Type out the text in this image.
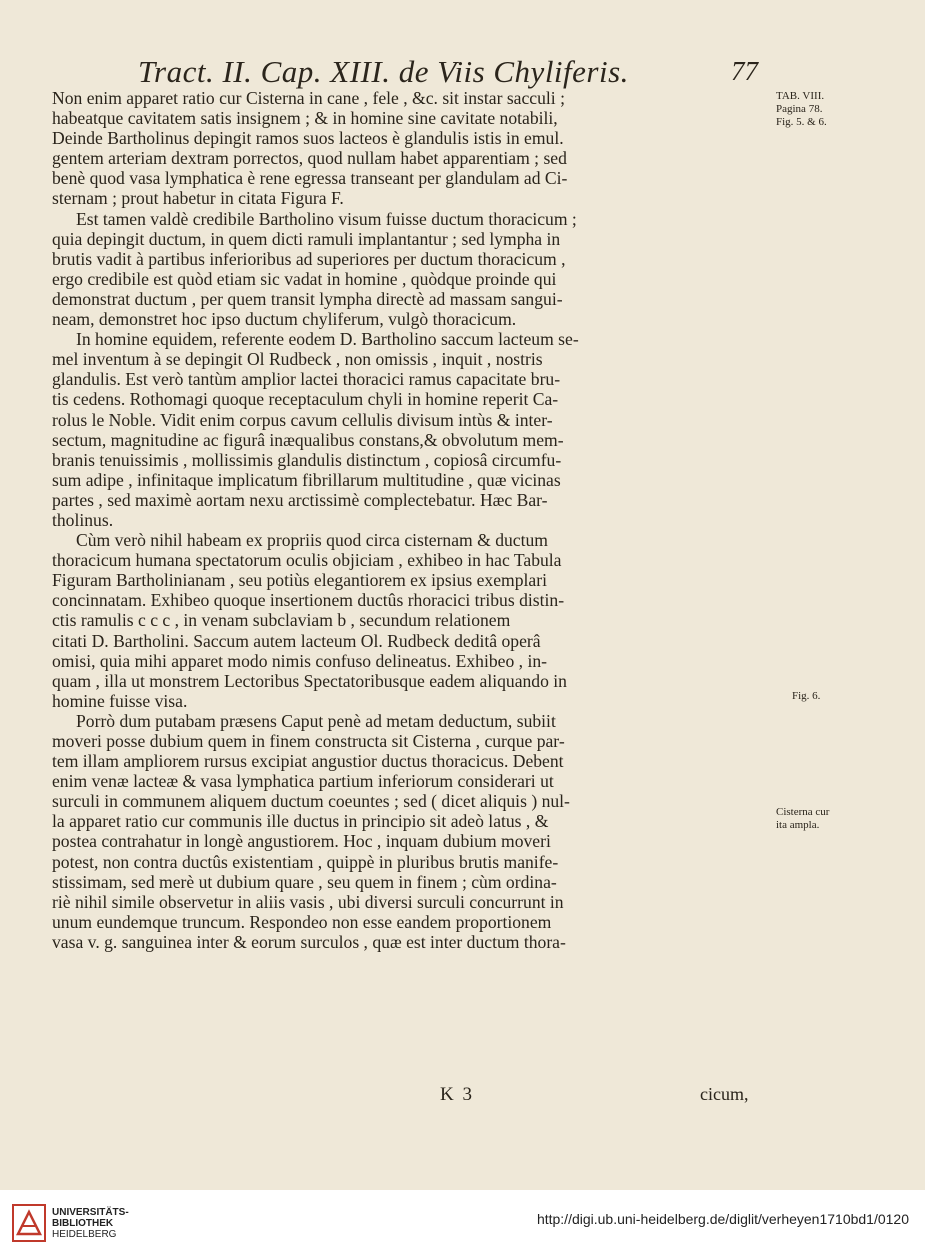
Tract. II. Cap. XIII. de Viis Chyliferis.	77
Non enim apparet ratio cur Cisterna in cane , fele , &c. sit instar sacculi ;
habeatque cavitatem satis insignem ; & in homine sine cavitate notabili,
Deinde Bartholinus depingit ramos suos lacteos è glandulis istis in emul.
gentem arteriam dextram porrectos, quod nullam habet apparentiam ; sed
benè quod vasa lymphatica è rene egressa transeant per glandulam ad Ci-
sternam ; prout habetur in citata Figura F.
Est tamen valdè credibile Bartholino visum fuisse ductum thoracicum ;
quia depingit ductum, in quem dicti ramuli implantantur ; sed lympha in
brutis vadit à partibus inferioribus ad superiores per ductum thoracicum ,
ergo credibile est quòd etiam sic vadat in homine , quòdque proinde qui
demonstrat ductum , per quem transit lympha directè ad massam sangui-
neam, demonstret hoc ipso ductum chyliferum, vulgò thoracicum.
In homine equidem, referente eodem D. Bartholino saccum lacteum se-
mel inventum à se depingit Ol Rudbeck , non omissis , inquit , nostris
glandulis. Est verò tantùm amplior lactei thoracici ramus capacitate bru-
tis cedens. Rothomagi quoque receptaculum chyli in homine reperit Ca-
rolus le Noble. Vidit enim corpus cavum cellulis divisum intùs & inter-
sectum, magnitudine ac figurâ inæqualibus constans,& obvolutum mem-
branis tenuissimis , mollissimis glandulis distinctum , copiosâ circumfu-
sum adipe , infinitaque implicatum fibrillarum multitudine , quæ vicinas
partes , sed maximè aortam nexu arctissimè complectebatur. Hæc Bar-
tholinus.
Cùm verò nihil habeam ex propriis quod circa cisternam & ductum
thoracicum humana spectatorum oculis objiciam , exhibeo in hac Tabula
Figuram Bartholinianam , seu potiùs elegantiorem ex ipsius exemplari
concinnatam. Exhibeo quoque insertionem ductûs rhoracici tribus distin-
ctis ramulis c c c , in venam subclaviam b , secundum relationem
citati D. Bartholini. Saccum autem lacteum Ol. Rudbeck deditâ operâ
omisi, quia mihi apparet modo nimis confuso delineatus. Exhibeo , in-
quam , illa ut monstrem Lectoribus Spectatoribusque eadem aliquando in
homine fuisse visa.
Porrò dum putabam præsens Caput penè ad metam deductum, subiit
moveri posse dubium quem in finem constructa sit Cisterna , curque par-
tem illam ampliorem rursus excipiat angustior ductus thoracicus. Debent
enim venæ lacteæ & vasa lymphatica partium inferiorum considerari ut
surculi in communem aliquem ductum coeuntes ; sed ( dicet aliquis ) nul-
la apparet ratio cur communis ille ductus in principio sit adeò latus , &
postea contrahatur in longè angustiorem. Hoc , inquam dubium moveri
potest, non contra ductûs existentiam , quippè in pluribus brutis manife-
stissimam, sed merè ut dubium quare , seu quem in finem ; cùm ordina-
riè nihil simile observetur in aliis vasis , ubi diversi surculi concurrunt in
unum eundemque truncum. Respondeo non esse eandem proportionem
vasa v. g. sanguinea inter & eorum surculos , quæ est inter ductum thora-
K 3	cicum,
TAB. VIII.
Pagina 78.
Fig. 5. & 6.
Fig. 6.
Cisterna cur
ita ampla.
UNIVERSITÄTS-
BIBLIOTHEK
HEIDELBERG
http://digi.ub.uni-heidelberg.de/diglit/verheyen1710bd1/0120
